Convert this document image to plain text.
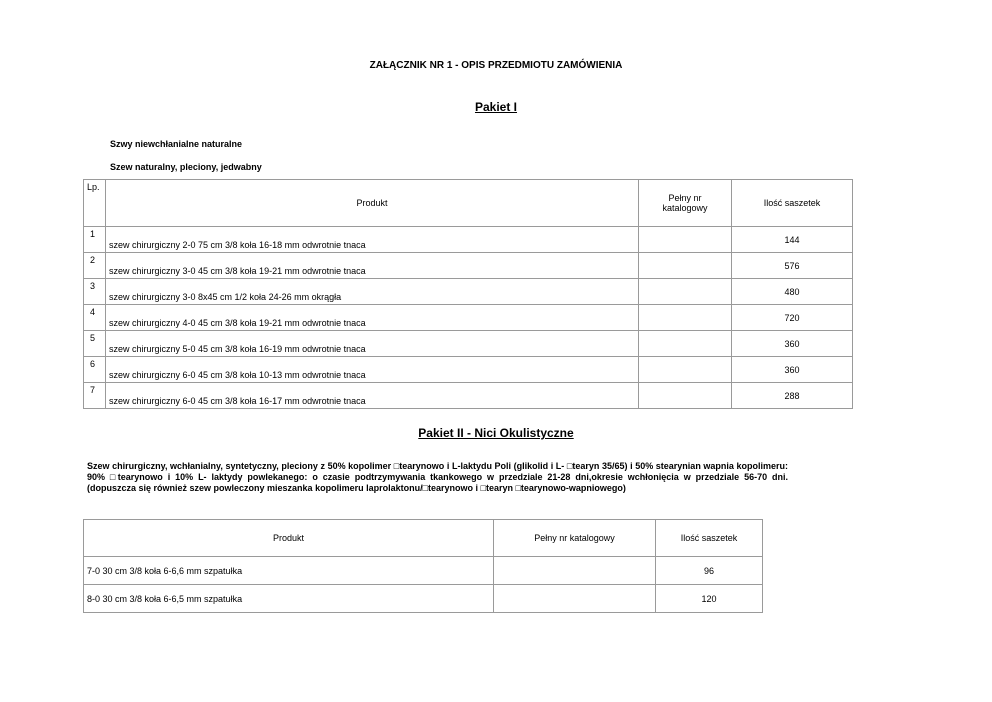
ZAŁĄCZNIK NR 1 - OPIS PRZEDMIOTU ZAMÓWIENIA
Pakiet I
Szwy niewchłanialne naturalne
Szew naturalny, pleciony, jedwabny
Lp.	Produkt	Pełny nr katalogowy	Ilość saszetek
1	szew chirurgiczny 2-0 75 cm 3/8 koła 16-18 mm odwrotnie tnaca		144
2	szew chirurgiczny 3-0 45 cm 3/8 koła 19-21 mm odwrotnie tnaca		576
3	szew chirurgiczny 3-0 8x45 cm 1/2 koła 24-26 mm okrągła		480
4	szew chirurgiczny 4-0 45 cm 3/8 koła 19-21 mm odwrotnie tnaca		720
5	szew chirurgiczny 5-0 45 cm 3/8 koła 16-19 mm odwrotnie tnaca		360
6	szew chirurgiczny 6-0 45 cm 3/8 koła 10-13 mm odwrotnie tnaca		360
7	szew chirurgiczny 6-0 45 cm 3/8 koła 16-17 mm odwrotnie tnaca		288
Pakiet II - Nici Okulistyczne
Szew chirurgiczny, wchłanialny, syntetyczny, pleciony z 50% kopolimer □tearynowo i L-laktydu Poli (glikolid i L- □tearyn 35/65) i 50% stearynian wapnia kopolimeru: 90% □tearynowo i 10% L- laktydy powlekanego: o czasie podtrzymywania tkankowego w przedziale 21-28 dni,okresie wchłonięcia w przedziale 56-70 dni.(dopuszcza się również szew powleczony mieszanka kopolimeru laprolaktonu/□tearynowo i □tearyn □tearynowo-wapniowego)
Produkt	Pełny nr katalogowy	Ilość saszetek
7-0 30 cm 3/8 koła 6-6,6 mm szpatułka		96
8-0 30 cm 3/8 koła 6-6,5 mm szpatułka		120
